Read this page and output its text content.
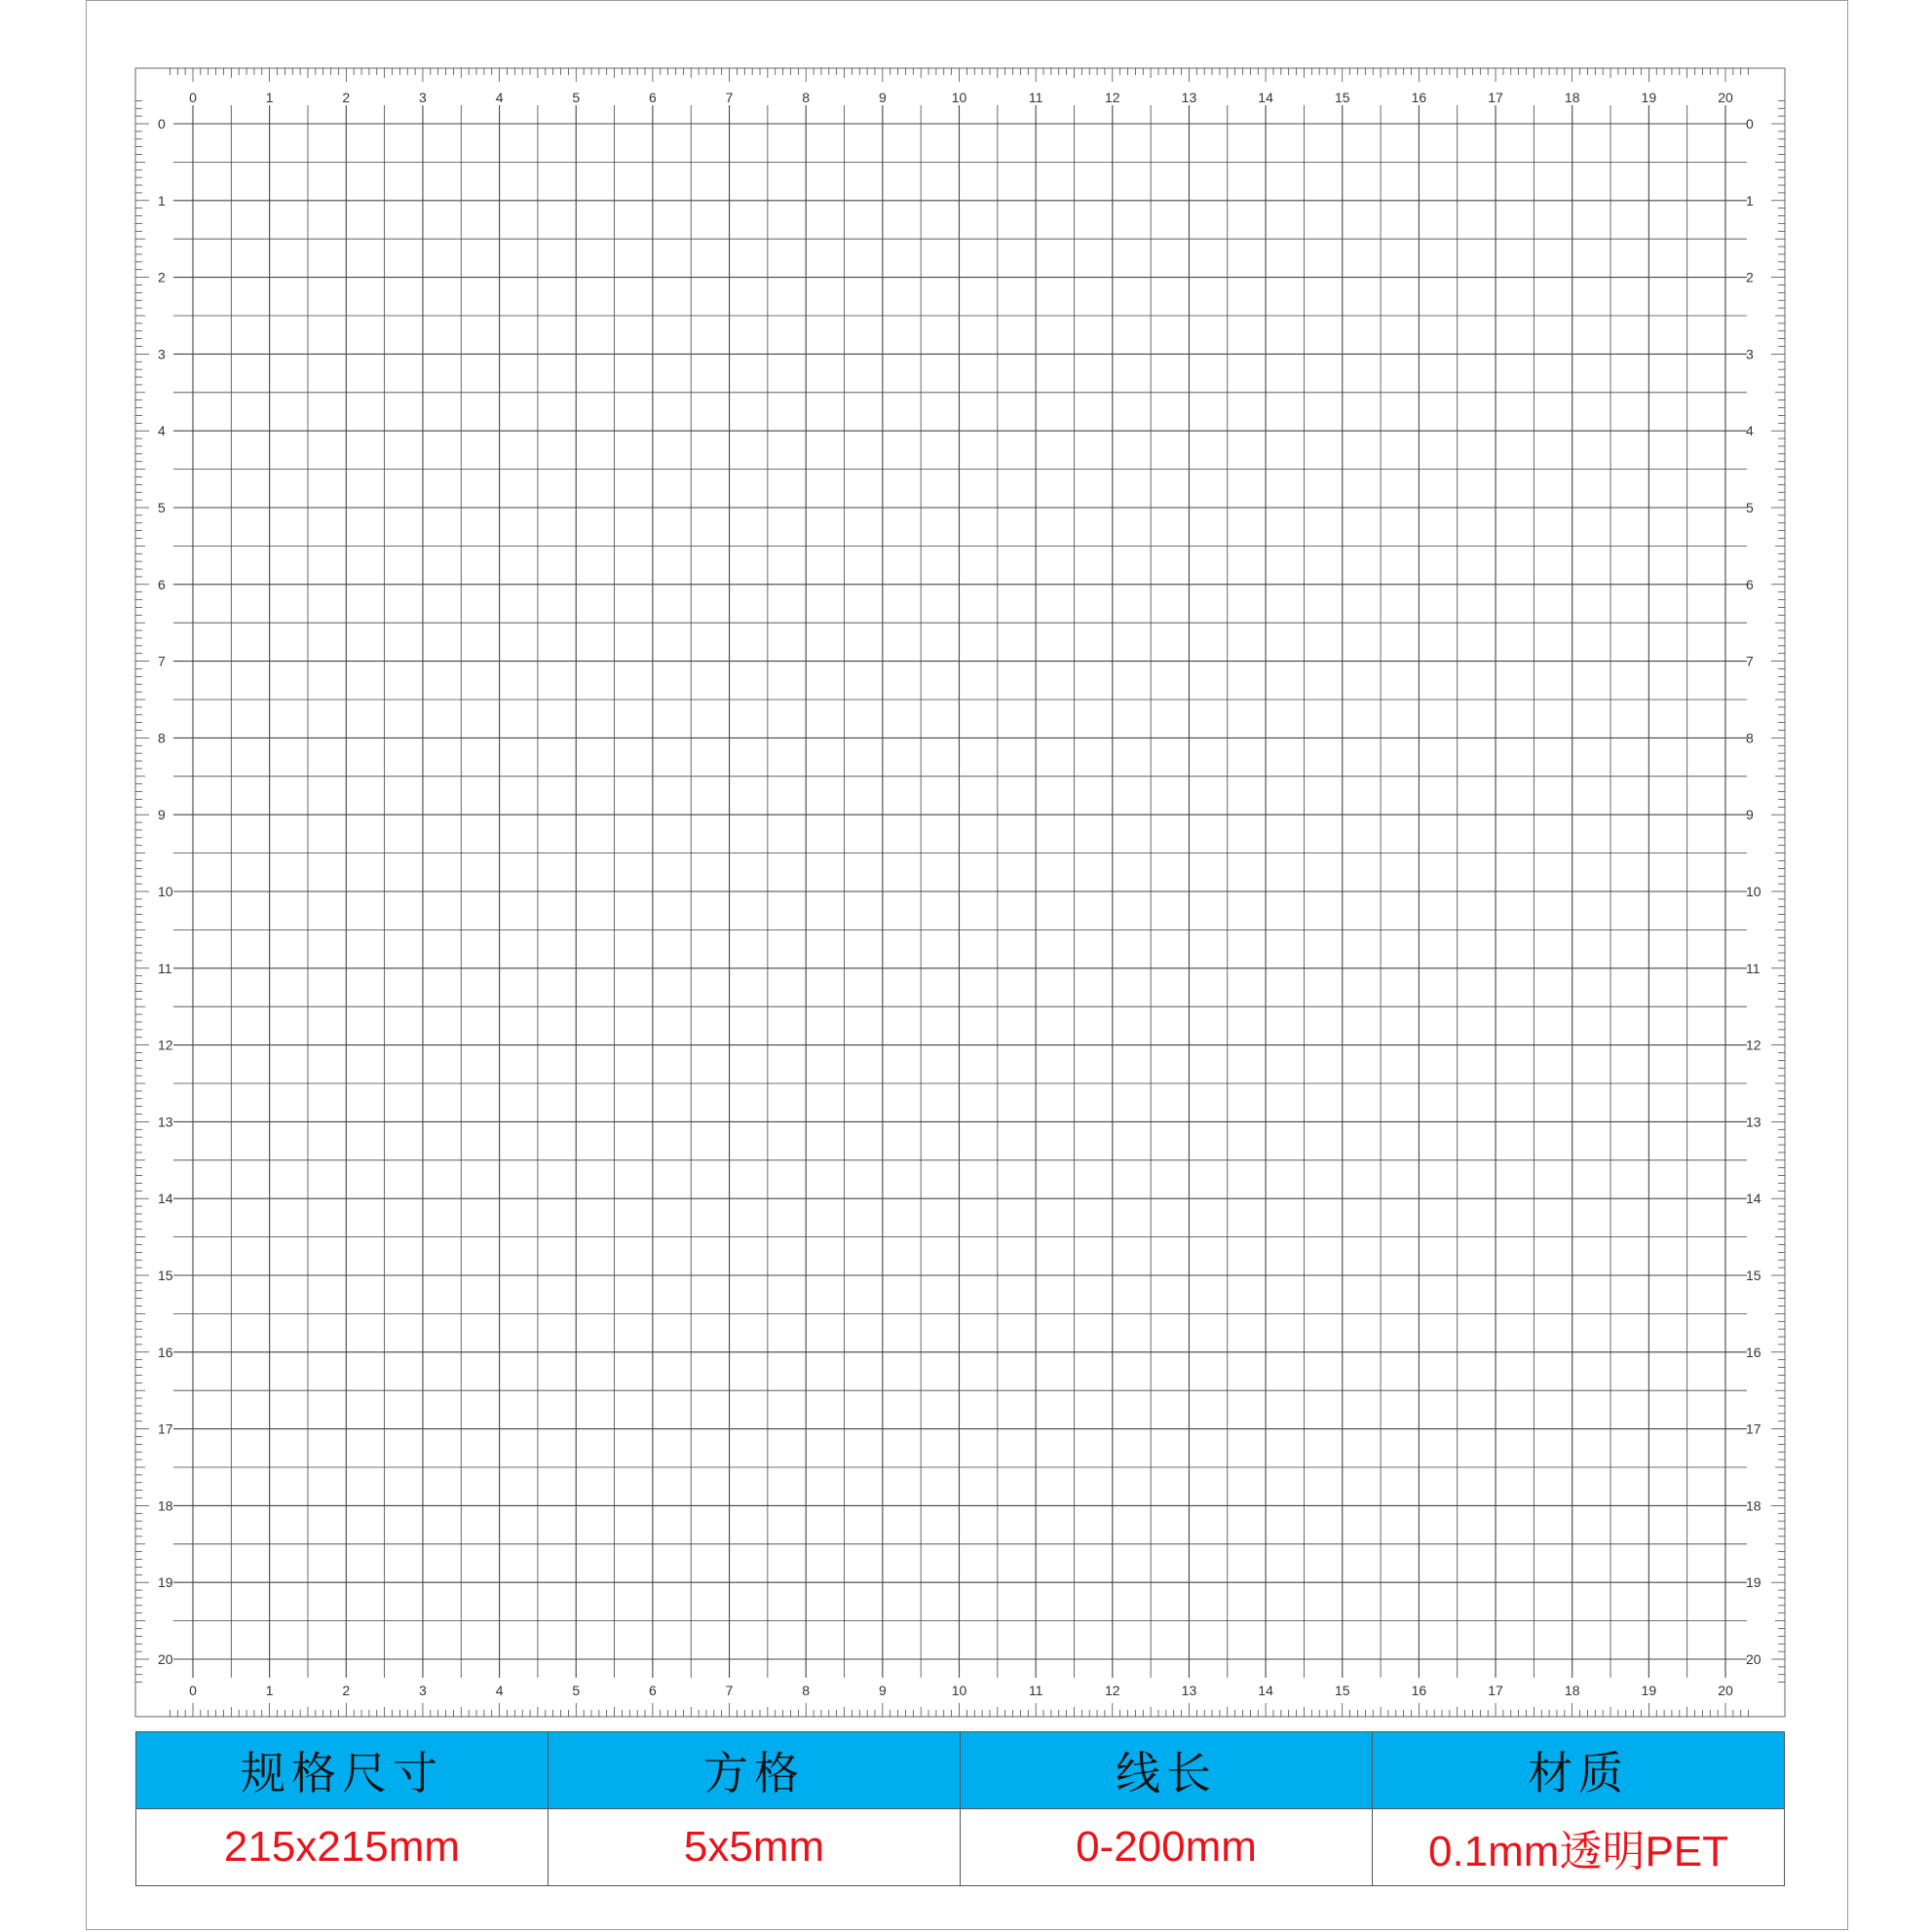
0
0
0	0
1
1
1	1
2
2
2	2
3
3
3	3
4
4
4	4
5
5
5	5
6
6
6	6
7
7
7	7
8
8
8	8
9
9
9	9
10
10
10	10
11
11
11	11
12
12
12	12
13
13
13	13
14
14
14	14
15
15
15	15
16
16
16	16
17
17
17	17
18
18
18	18
19
19
19	19
20
20
20	20
规格尺寸	方格	线长	材质
215x215mm	5x5mm	0-200mm	0.1mm透明PET
